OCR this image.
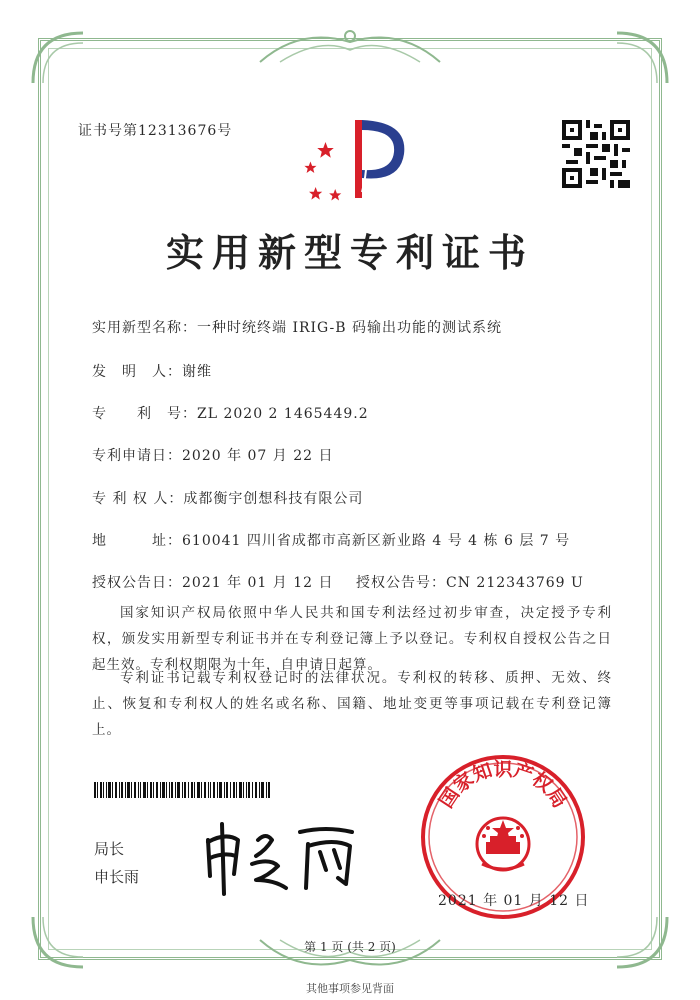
证书号第12313676号
实用新型专利证书
实用新型名称：一种时统终端 IRIG-B 码输出功能的测试系统
发　明　人：谢维
专　　利　号：ZL 2020 2 1465449.2
专利申请日：2020 年 07 月 22 日
专 利 权 人：成都衡宇创想科技有限公司
地　　　址：610041 四川省成都市高新区新业路 4 号 4 栋 6 层 7 号
授权公告日：2021 年 01 月 12 日 授权公告号：CN 212343769 U
国家知识产权局依照中华人民共和国专利法经过初步审查，决定授予专利权，颁发实用新型专利证书并在专利登记簿上予以登记。专利权自授权公告之日起生效。专利权期限为十年，自申请日起算。
专利证书记载专利权登记时的法律状况。专利权的转移、质押、无效、终止、恢复和专利权人的姓名或名称、国籍、地址变更等事项记载在专利登记簿上。
局长
申长雨
国家知识产权局
2021 年 01 月 12 日
第 1 页 (共 2 页)
其他事项参见背面
